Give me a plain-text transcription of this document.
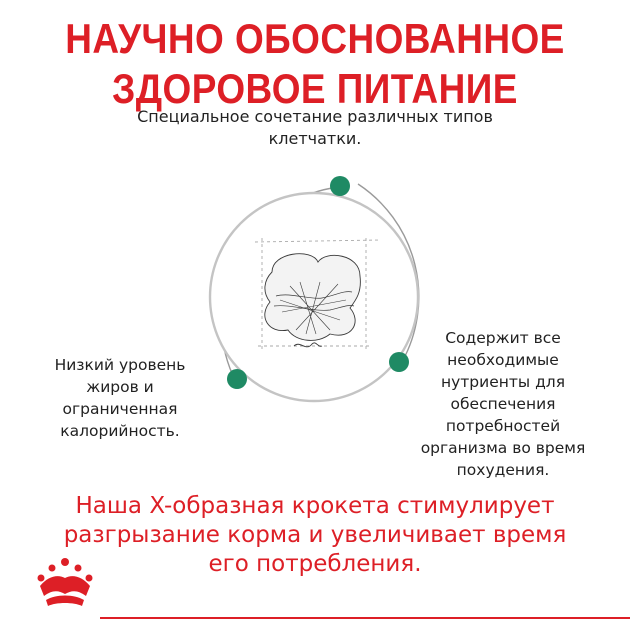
НАУЧНО ОБОСНОВАННОЕ
ЗДОРОВОЕ ПИТАНИЕ
Специальное сочетание различных типов
клетчатки.
Низкий уровень
жиров и
ограниченная
калорийность.
Содержит все
необходимые
нутриенты для
обеспечения
потребностей
организма во время
похудения.
Наша X-образная крокета стимулирует
разгрызание корма и увеличивает время
его потребления.
